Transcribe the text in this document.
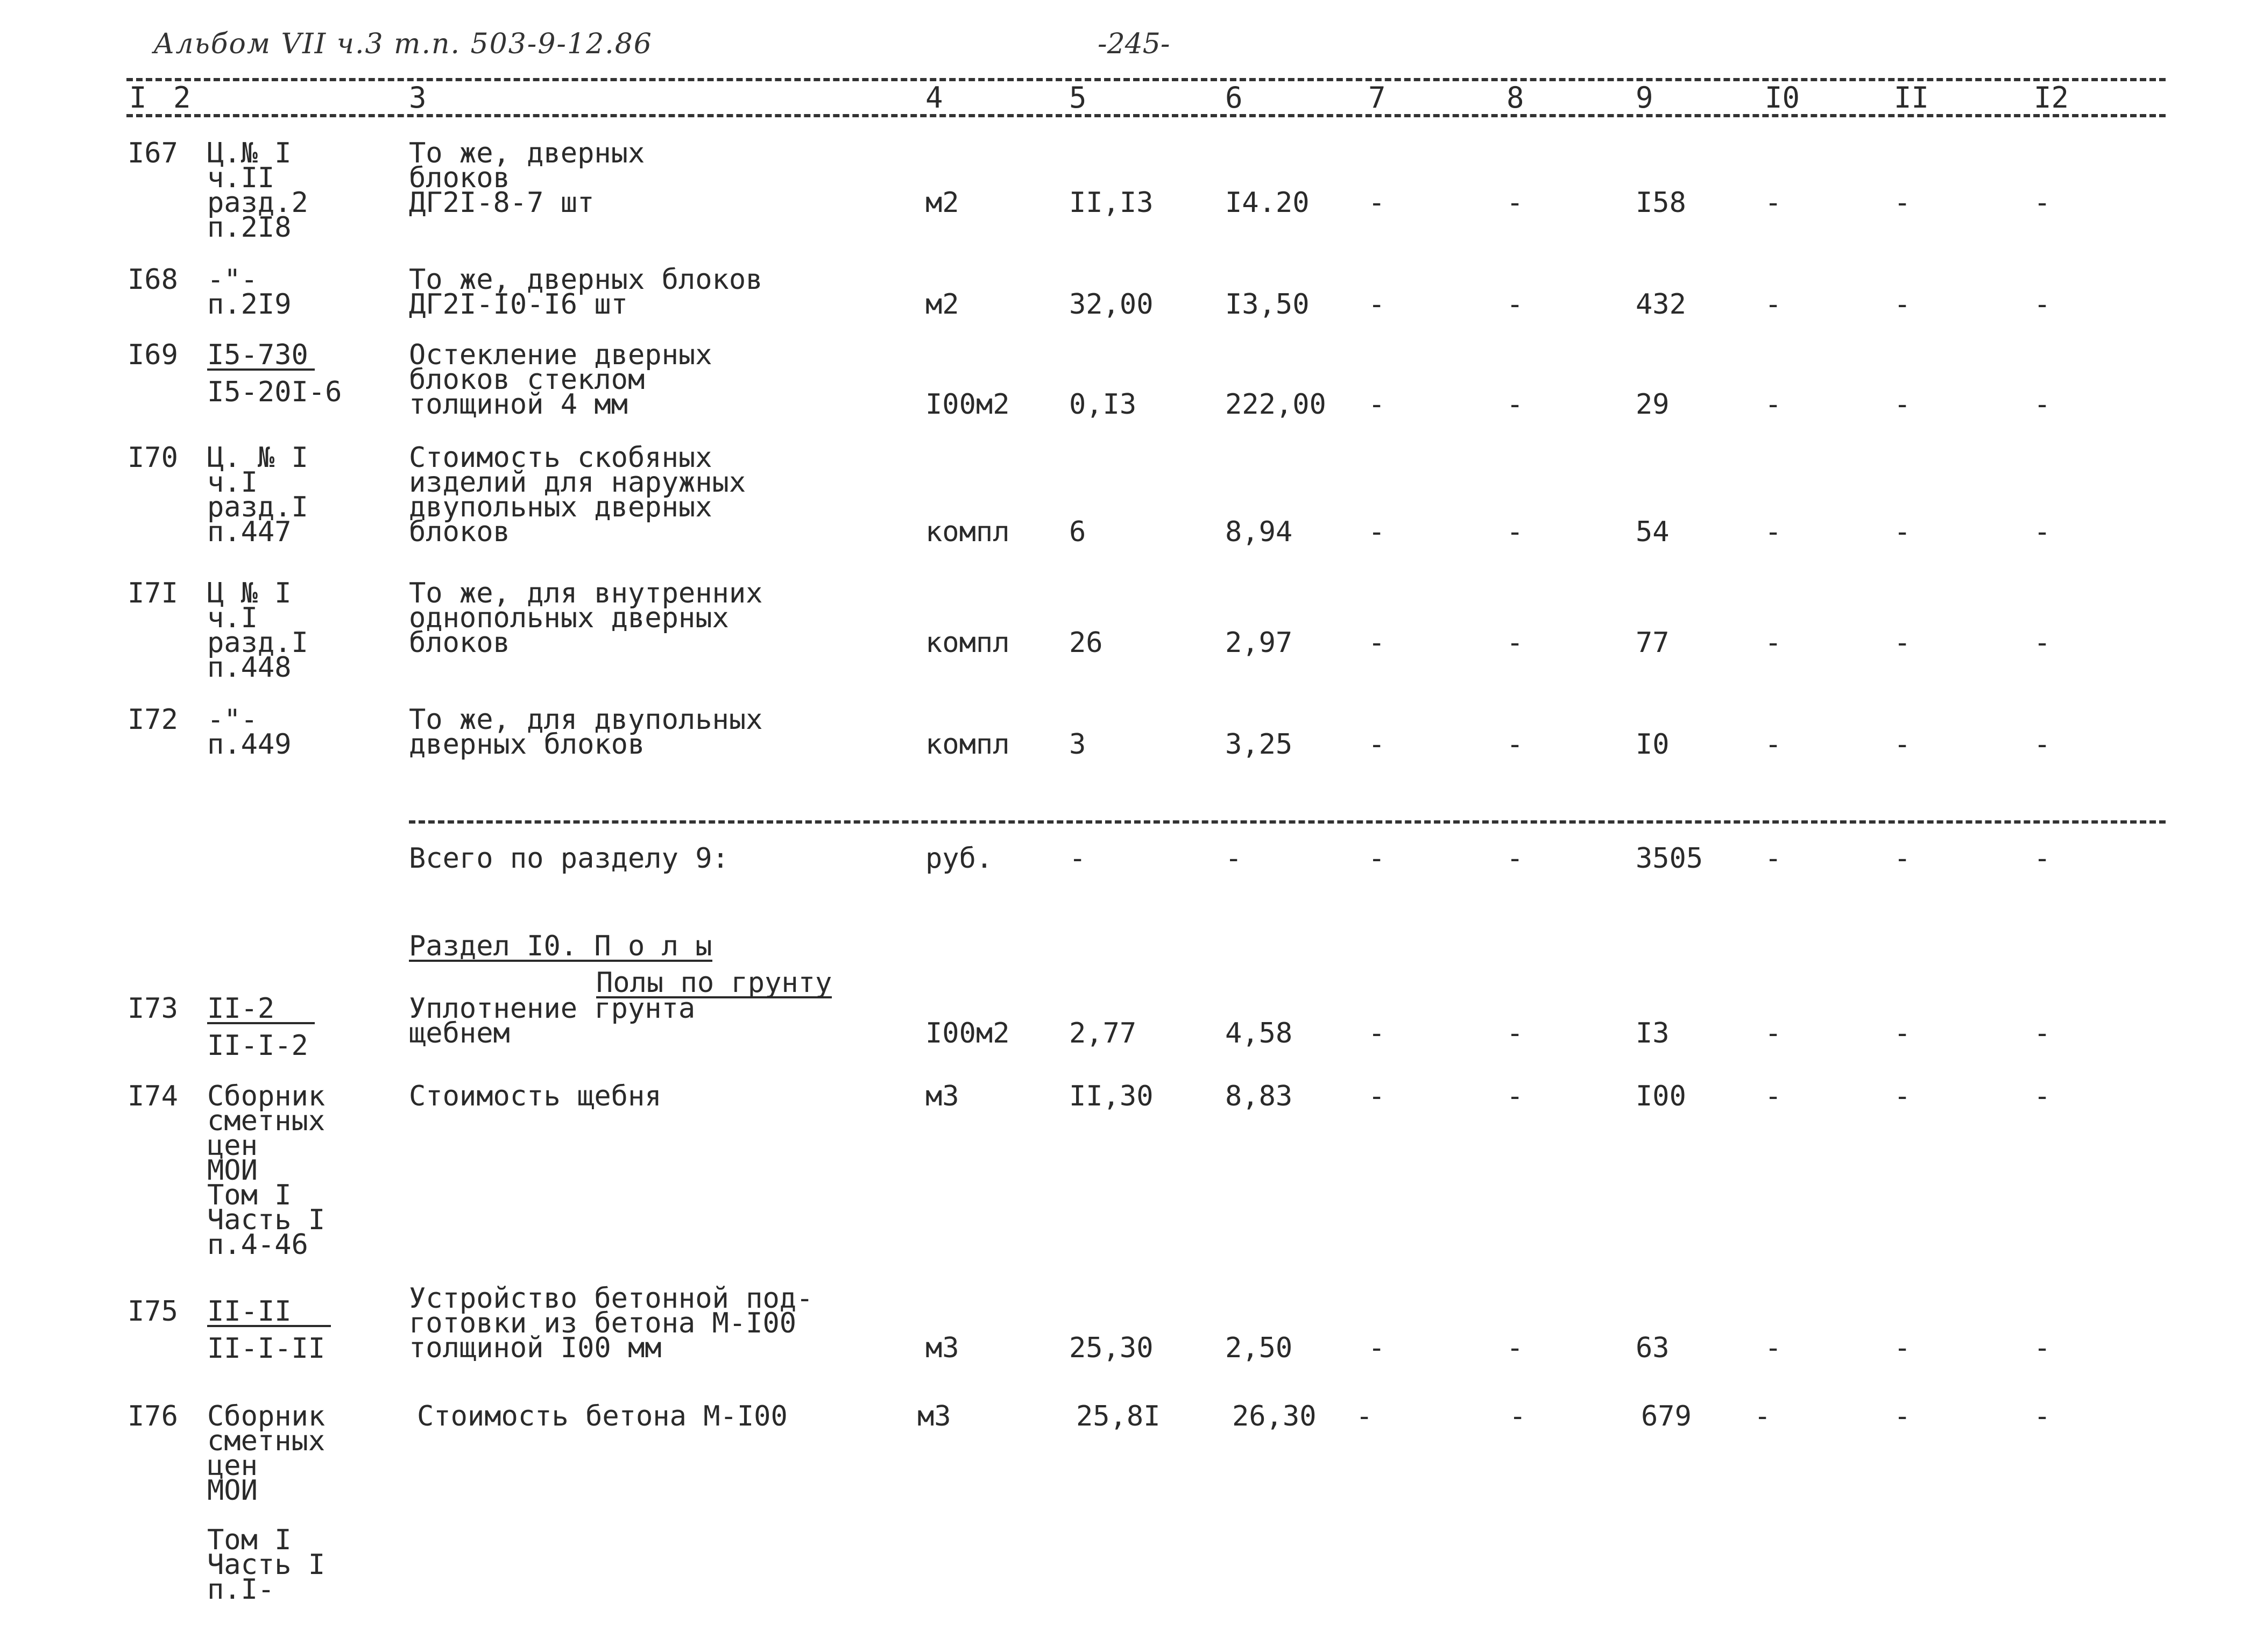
Альбом VII ч.3 т.п. 503-9-12.86	-245-
I 2	3	4	5	6	7	8	9	I0	II	I2
I67 Ц.№ I
ч.II
разд.2
п.2I8
То же, дверных
блоков
ДГ2I-8-7 шт	м2	II,I3	I4.20 -	-	I58	-	-	-
I68 -"-
п.2I9
То же, дверных блоков
ДГ2I-I0-I6 шт	м2	32,00	I3,50 -	-	432	-	-	-
I69 I5-730
I5-20I-6
Остекление дверных
блоков стеклом
толщиной 4 мм	I00м2 0,I3	222,00 -	-	29	-	-	-
I70 Ц. № I
ч.I
разд.I
п.447
Стоимость скобяных
изделий для наружных
двупольных дверных
блоков	компл 6	8,94	-	-	54	-	-	-
I7I Ц № I
ч.I
разд.I
п.448
То же, для внутренних
однопольных дверных
блоков	компл 26	2,97	-	-	77	-	-	-
I72 -"-
п.449
То же, для двупольных
дверных блоков	компл 3	3,25	-	-	I0	-	-	-
Всего по разделу 9:	руб.	-	-	-	-	3505 -	-	-
Раздел I0. П о л ы
Полы по грунту
I73 II-2
II-I-2
Уплотнение грунта
щебнем	I00м2 2,77	4,58	-	-	I3	-	-	-
I74 Сборник
сметных
цен
МОИ
Том I
Часть I
п.4-46
Стоимость щебня	м3	II,30	8,83	-	-	I00	-	-	-
I75 II-II
II-I-II
Устройство бетонной под-
готовки из бетона М-I00
толщиной I00 мм	м3	25,30	2,50	-	-	63	-	-	-
I76 Сборник
сметных
цен
МОИ
Том I
Часть I
п.I-
Стоимость бетона М-I00	м3	25,8I	26,30 -	-	679 -	-	-
